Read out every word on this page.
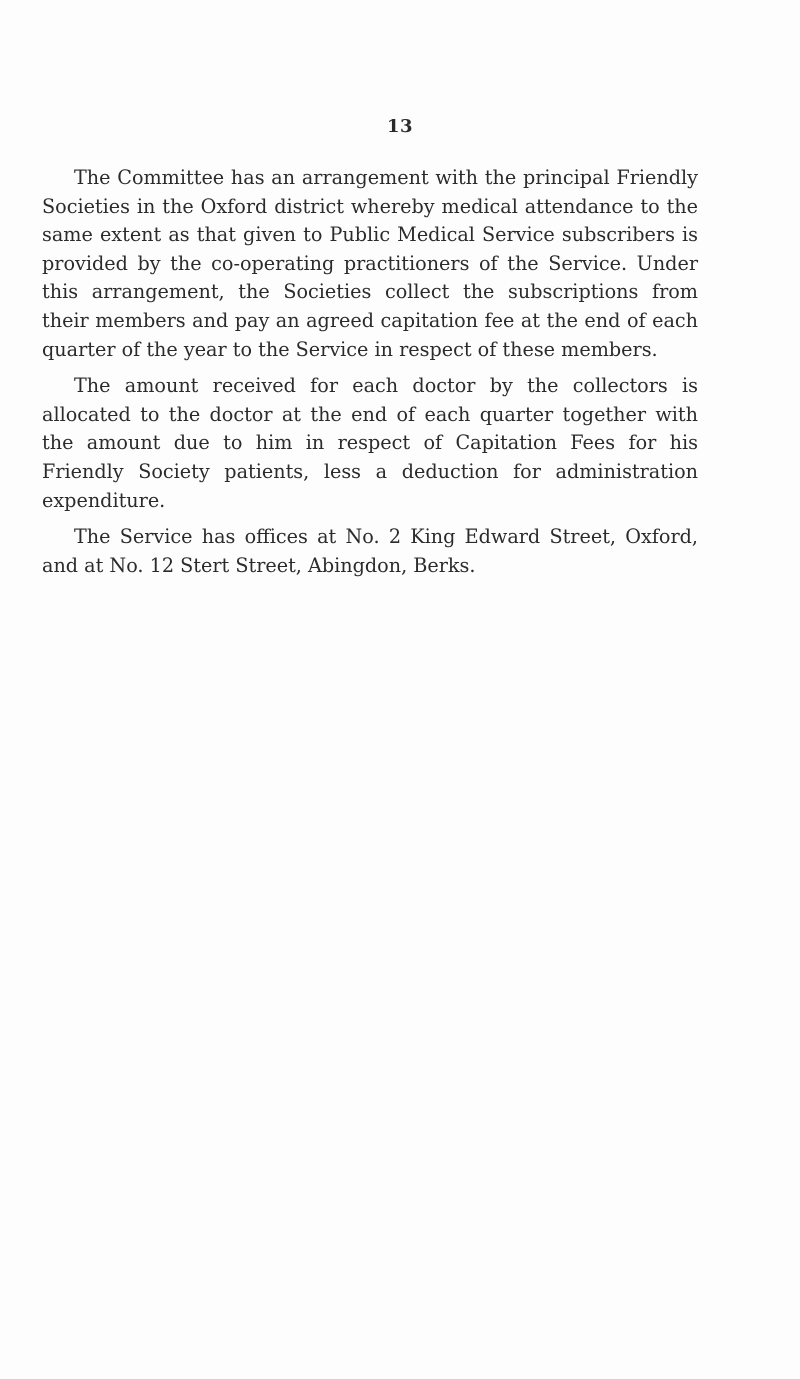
13

The Committee has an arrangement with the principal Friendly Societies in the Oxford district whereby medical attendance to the same extent as that given to Public Medical Service subscribers is provided by the co-operating practitioners of the Service. Under this arrangement, the Societies collect the subscriptions from their members and pay an agreed capitation fee at the end of each quarter of the year to the Service in respect of these members.

The amount received for each doctor by the collectors is allocated to the doctor at the end of each quarter together with the amount due to him in respect of Capitation Fees for his Friendly Society patients, less a deduction for administration expenditure.

The Service has offices at No. 2 King Edward Street, Oxford, and at No. 12 Stert Street, Abingdon, Berks.
